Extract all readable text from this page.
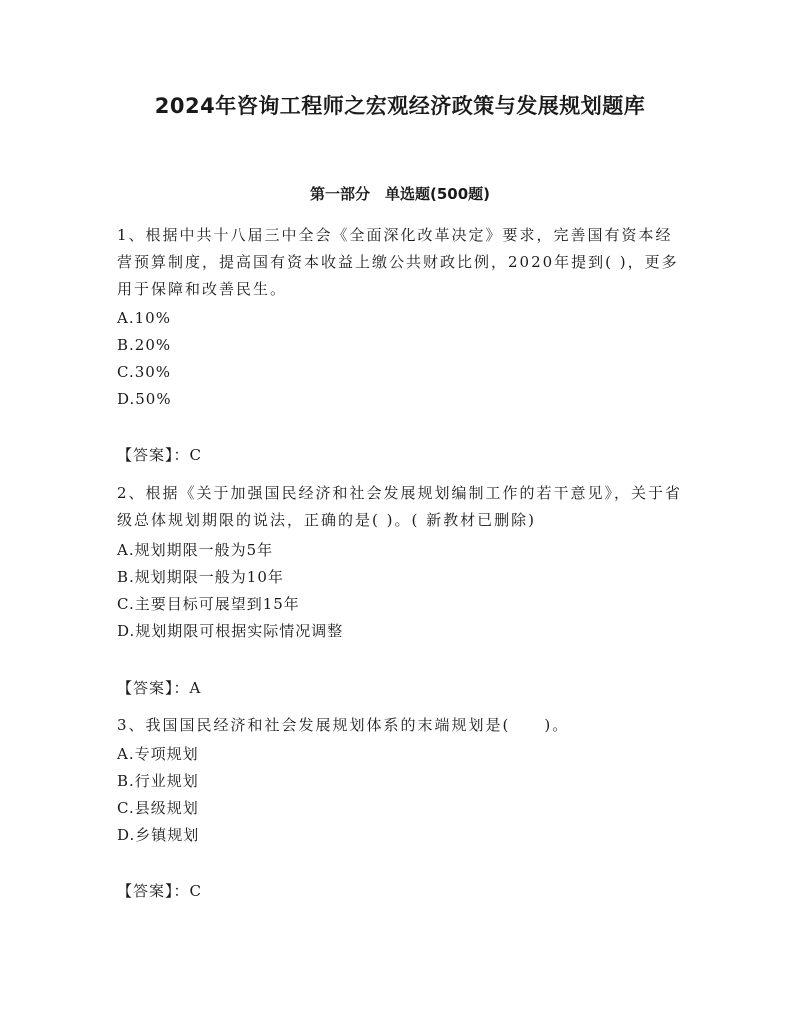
2024年咨询工程师之宏观经济政策与发展规划题库
第一部分　单选题(500题)
1、根据中共十八届三中全会《全面深化改革决定》要求，完善国有资本经营预算制度，提高国有资本收益上缴公共财政比例，2020年提到( )，更多用于保障和改善民生。
A.10%
B.20%
C.30%
D.50%
【答案】：C
2、根据《关于加强国民经济和社会发展规划编制工作的若干意见》，关于省级总体规划期限的说法，正确的是( )。( 新教材已删除)
A.规划期限一般为5年
B.规划期限一般为10年
C.主要目标可展望到15年
D.规划期限可根据实际情况调整
【答案】：A
3、我国国民经济和社会发展规划体系的末端规划是(　　)。
A.专项规划
B.行业规划
C.县级规划
D.乡镇规划
【答案】：C
